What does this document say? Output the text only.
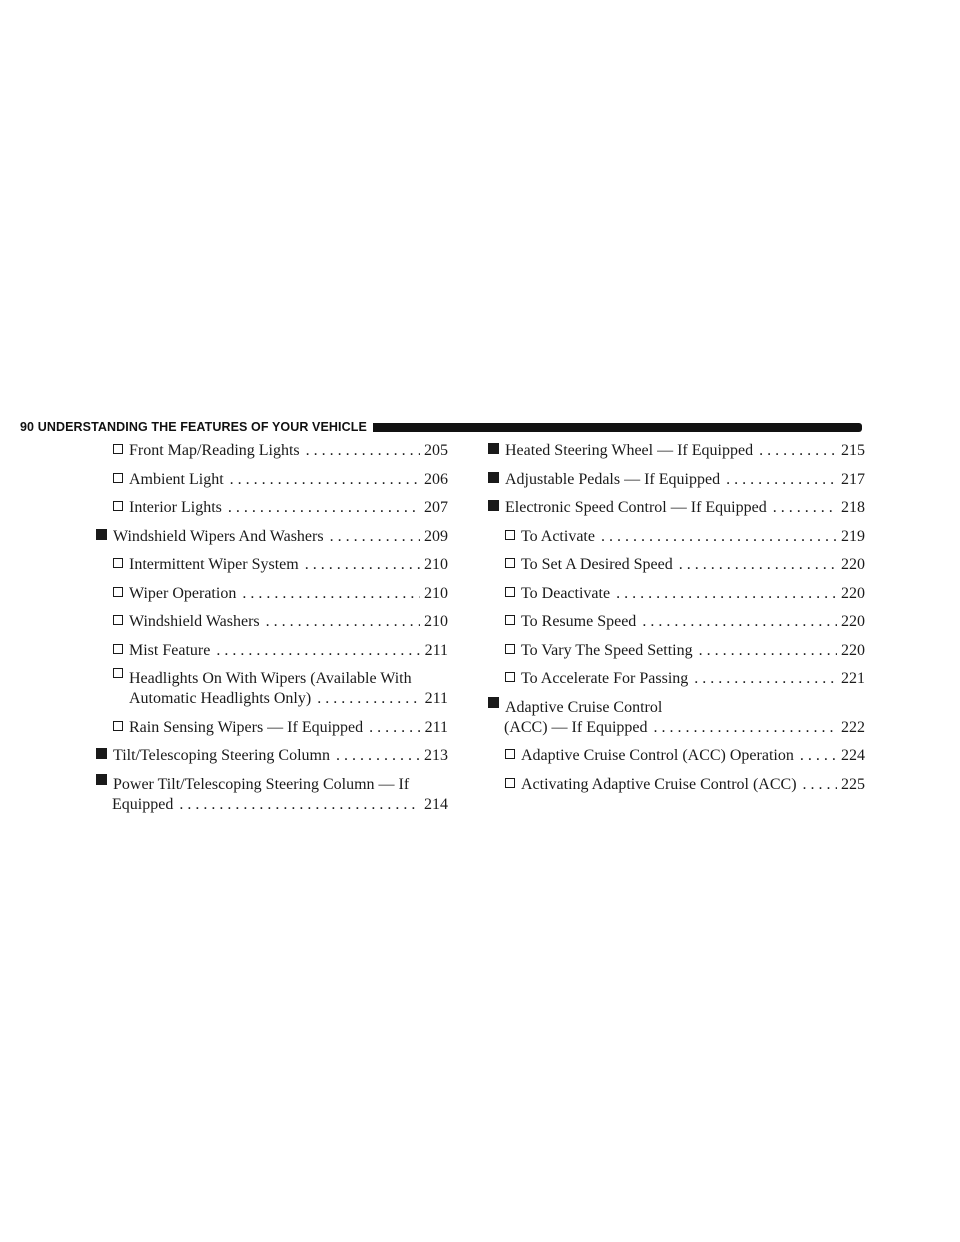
90 UNDERSTANDING THE FEATURES OF YOUR VEHICLE
Front Map/Reading Lights . . .	205
Ambient Light . . .	206
Interior Lights . . .	207
Windshield Wipers And Washers . . .	209
Intermittent Wiper System . . .	210
Wiper Operation . . .	210
Windshield Washers . . .	210
Mist Feature . . .	211
Headlights On With Wipers (Available With
Automatic Headlights Only) . . .	211
Rain Sensing Wipers — If Equipped . . .	211
Tilt/Telescoping Steering Column . . .	213
Power Tilt/Telescoping Steering Column — If
Equipped . . .	214
Heated Steering Wheel — If Equipped . . .	215
Adjustable Pedals — If Equipped . . .	217
Electronic Speed Control — If Equipped . . .	218
To Activate . . .	219
To Set A Desired Speed . . .	220
To Deactivate . . .	220
To Resume Speed . . .	220
To Vary The Speed Setting . . .	220
To Accelerate For Passing . . .	221
Adaptive Cruise Control
(ACC) — If Equipped . . .	222
Adaptive Cruise Control (ACC) Operation . . .	224
Activating Adaptive Cruise Control (ACC) . . .	225
